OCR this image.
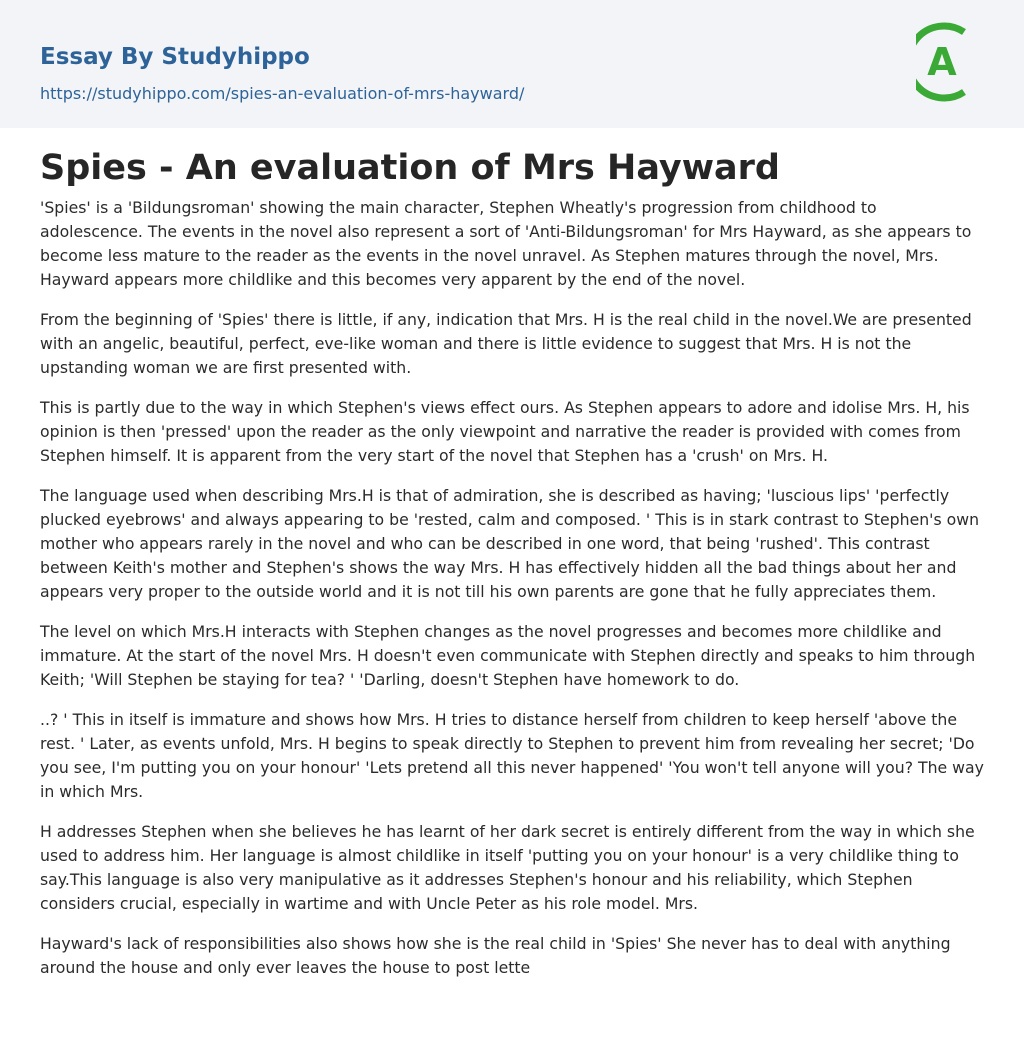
Essay By Studyhippo
https://studyhippo.com/spies-an-evaluation-of-mrs-hayward/
A
Spies - An evaluation of Mrs Hayward

'Spies' is a 'Bildungsroman' showing the main character, Stephen Wheatly's progression from childhood to adolescence. The events in the novel also represent a sort of 'Anti-Bildungsroman' for Mrs Hayward, as she appears to become less mature to the reader as the events in the novel unravel. As Stephen matures through the novel, Mrs. Hayward appears more childlike and this becomes very apparent by the end of the novel.

From the beginning of 'Spies' there is little, if any, indication that Mrs. H is the real child in the novel.We are presented with an angelic, beautiful, perfect, eve-like woman and there is little evidence to suggest that Mrs. H is not the upstanding woman we are first presented with.

This is partly due to the way in which Stephen's views effect ours. As Stephen appears to adore and idolise Mrs. H, his opinion is then 'pressed' upon the reader as the only viewpoint and narrative the reader is provided with comes from Stephen himself. It is apparent from the very start of the novel that Stephen has a 'crush' on Mrs. H.

The language used when describing Mrs.H is that of admiration, she is described as having; 'luscious lips' 'perfectly plucked eyebrows' and always appearing to be 'rested, calm and composed. ' This is in stark contrast to Stephen's own mother who appears rarely in the novel and who can be described in one word, that being 'rushed'. This contrast between Keith's mother and Stephen's shows the way Mrs. H has effectively hidden all the bad things about her and appears very proper to the outside world and it is not till his own parents are gone that he fully appreciates them.

The level on which Mrs.H interacts with Stephen changes as the novel progresses and becomes more childlike and immature. At the start of the novel Mrs. H doesn't even communicate with Stephen directly and speaks to him through Keith; 'Will Stephen be staying for tea? ' 'Darling, doesn't Stephen have homework to do.

..? ' This in itself is immature and shows how Mrs. H tries to distance herself from children to keep herself 'above the rest. ' Later, as events unfold, Mrs. H begins to speak directly to Stephen to prevent him from revealing her secret; 'Do you see, I'm putting you on your honour' 'Lets pretend all this never happened' 'You won't tell anyone will you? The way in which Mrs.

H addresses Stephen when she believes he has learnt of her dark secret is entirely different from the way in which she used to address him. Her language is almost childlike in itself 'putting you on your honour' is a very childlike thing to say.This language is also very manipulative as it addresses Stephen's honour and his reliability, which Stephen considers crucial, especially in wartime and with Uncle Peter as his role model. Mrs.

Hayward's lack of responsibilities also shows how she is the real child in 'Spies' She never has to deal with anything around the house and only ever leaves the house to post lette
